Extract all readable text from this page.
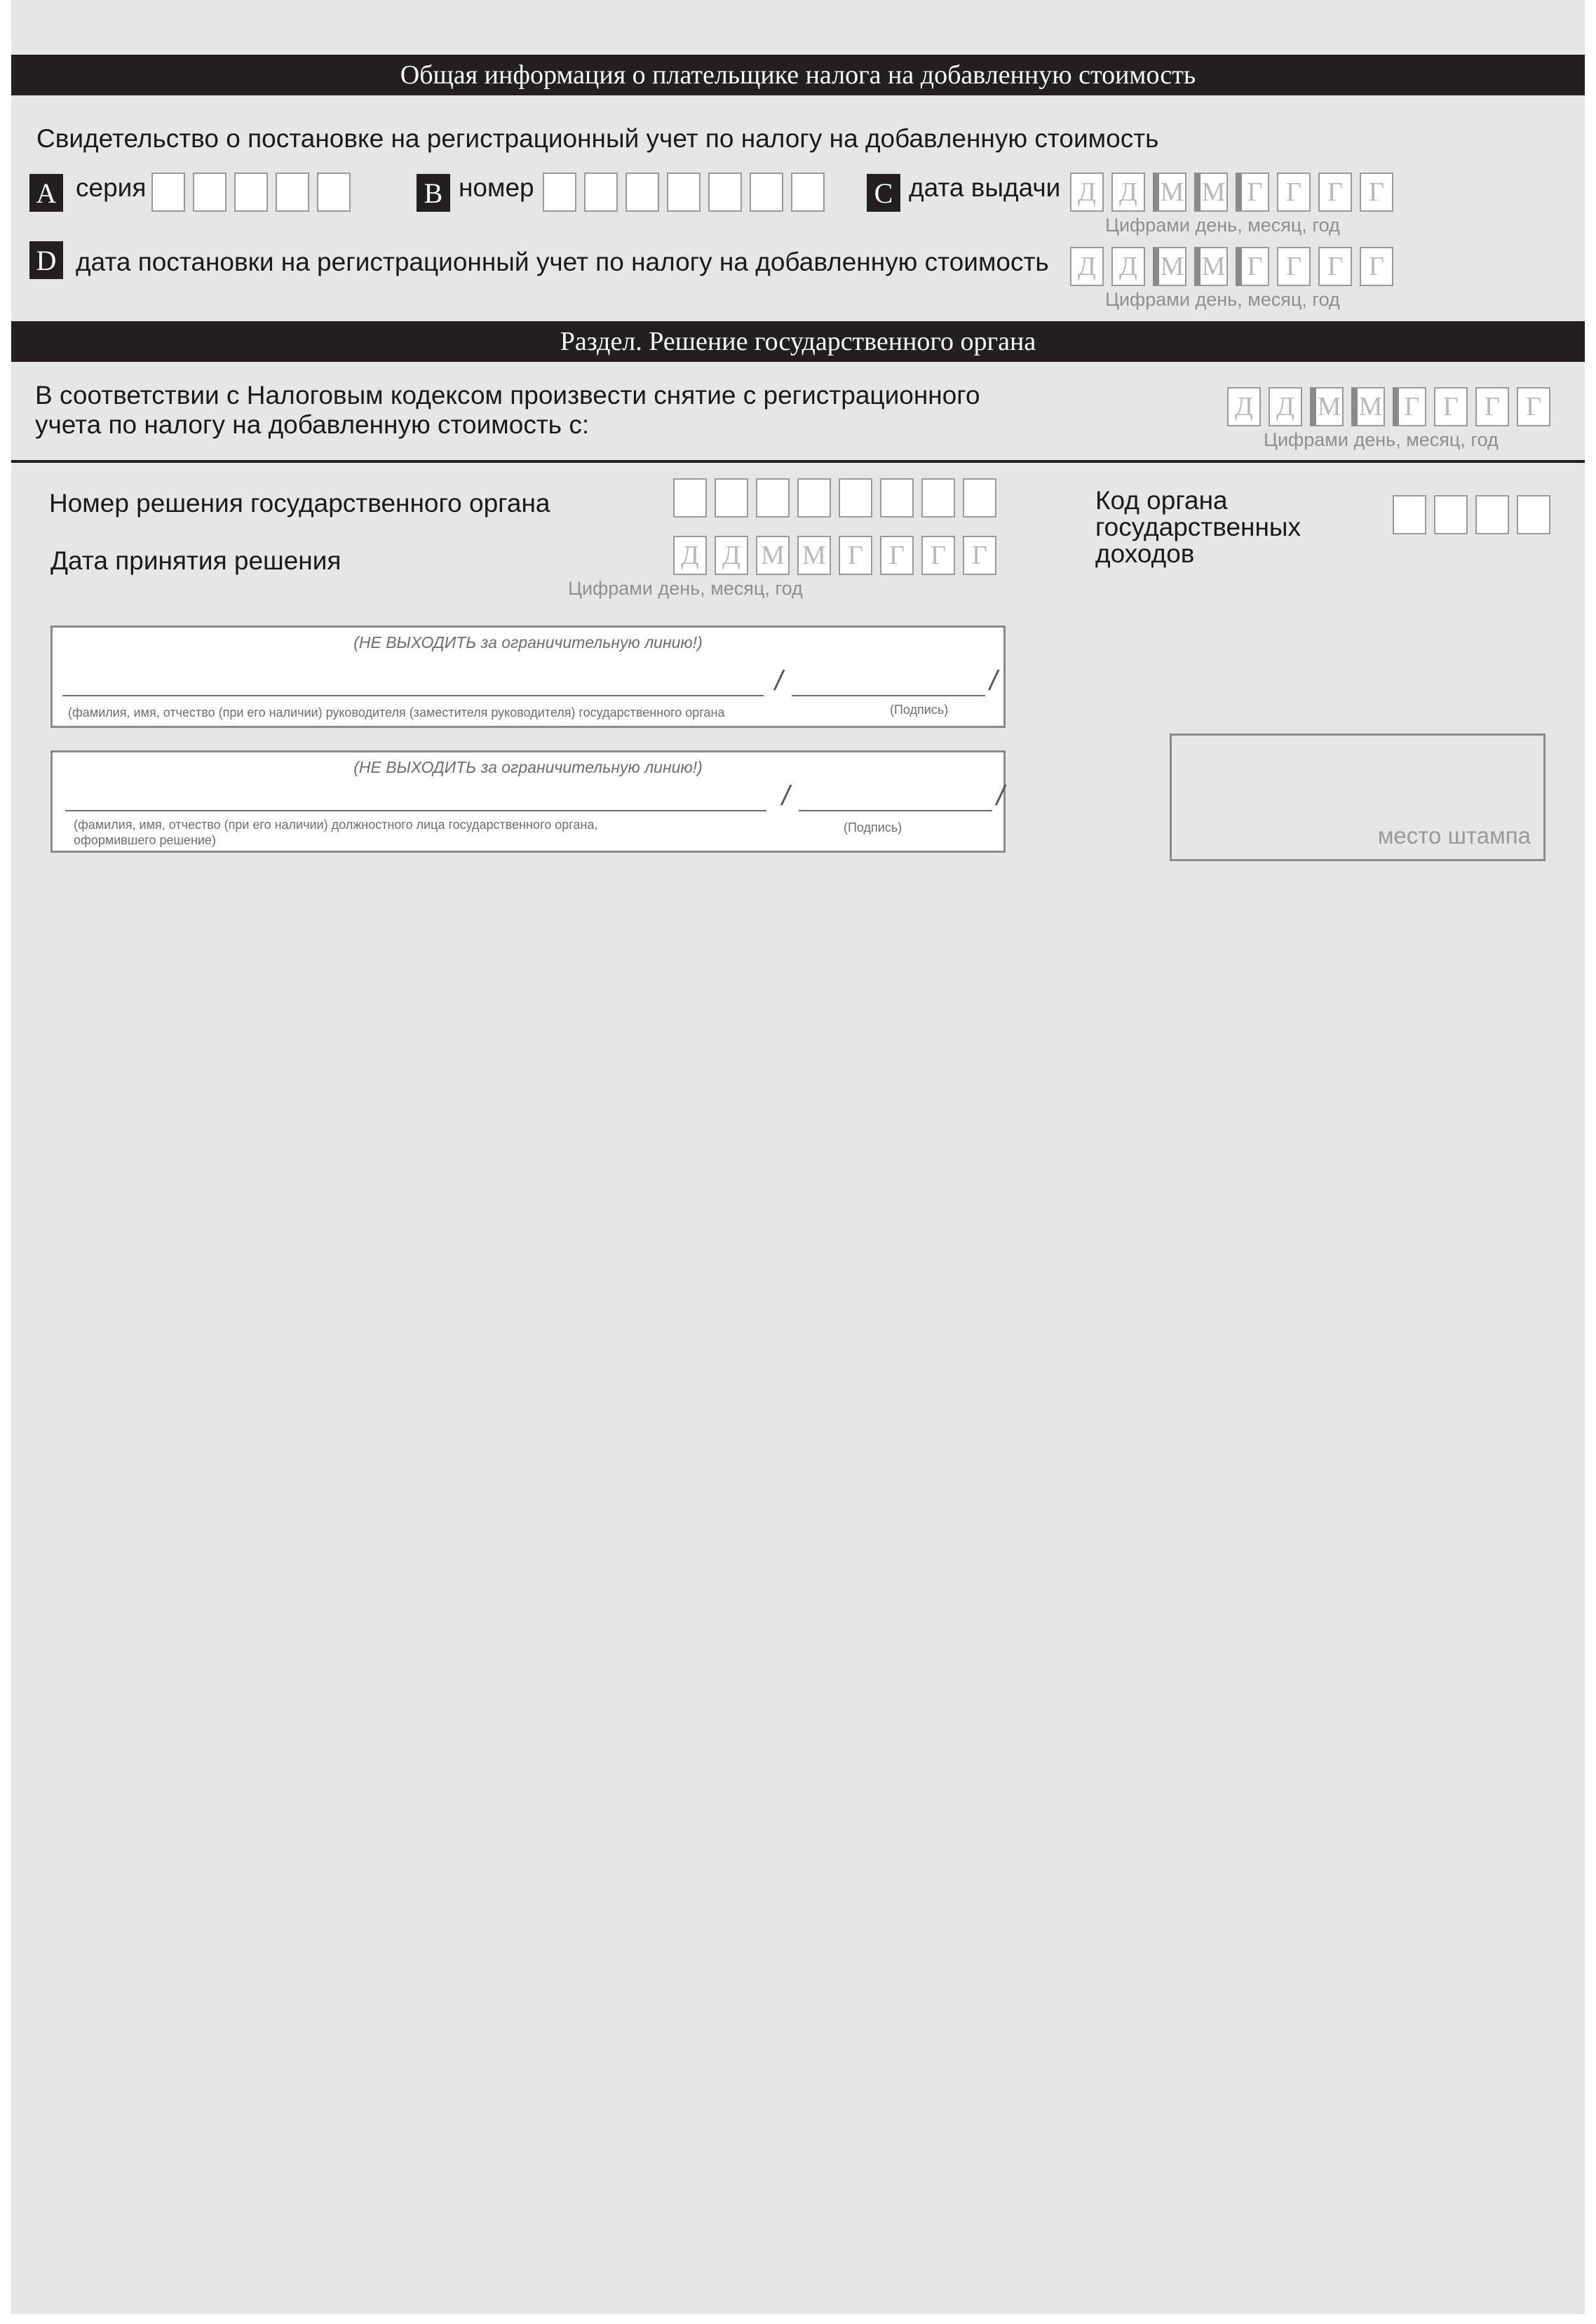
Общая информация о плательщике налога на добавленную стоимость
Свидетельство о постановке на регистрационный учет по налогу на добавленную стоимость
A серия	B номер	C дата выдачи Д Д М М Г Г Г Г
Цифрами день, месяц, год
D дата постановки на регистрационный учет по налогу на добавленную стоимость Д Д М М Г Г Г Г
Цифрами день, месяц, год
Раздел. Решение государственного органа
В соответствии с Налоговым кодексом произвести снятие с регистрационного
учета по налогу на добавленную стоимость с:
Д Д М М Г Г Г Г
Цифрами день, месяц, год
Номер решения государственного органа
Дата принятия решения	Д Д М М Г Г Г Г
Цифрами день, месяц, год
Код органа
государственных
доходов
(НЕ ВЫХОДИТЬ за ограничительную линию!)
/	/
(фамилия, имя, отчество (при его наличии) руководителя (заместителя руководителя) государственного органа	(Подпись)
(НЕ ВЫХОДИТЬ за ограничительную линию!)
/	/
(фамилия, имя, отчество (при его наличии) должностного лица государственного органа,
оформившего решение)
(Подпись)	место штампа
